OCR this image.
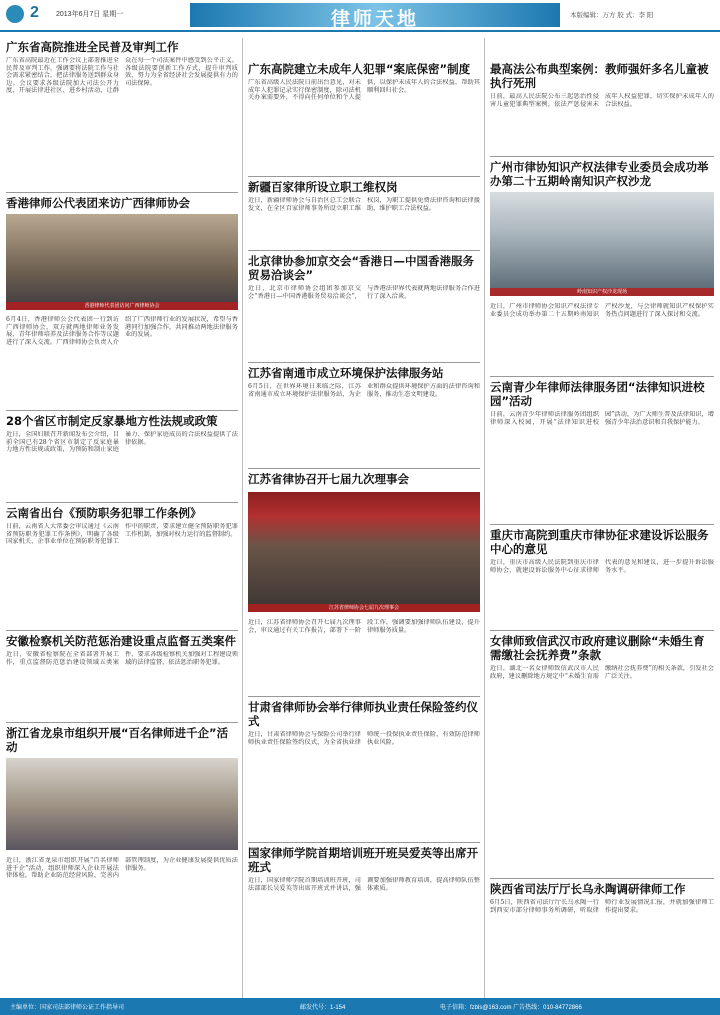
2 2013年6月7日 星期一	律师天地	本版编辑：万方 胶 式：李 阳
广东省高院推进全民普及审判工作
广东省高院最近在工作会议上部署推进全民普及审判工作，强调要将法院工作与社会需求紧密结合，把法律服务送到群众身边。会议要求各级法院加大司法公开力度，开展法律进社区、进乡村活动，让群众在每一个司法案件中感受到公平正义。各级法院要创新工作方式，提升审判质效，努力为全省经济社会发展提供有力的司法保障。
香港律师公代表团来访广西律师协会
香港律师代表团访问广西律师协会
6月4日，香港律师公会代表团一行到访广西律师协会，双方就两地律师业务发展、青年律师培养及法律服务合作等议题进行了深入交流。广西律师协会负责人介绍了广西律师行业的发展状况，希望与香港同行加强合作，共同推动两地法律服务业的发展。
28个省区市制定反家暴地方性法规或政策
近日，全国妇联召开新闻发布会介绍，目前全国已有28个省区市制定了反家庭暴力地方性法规或政策，为预防和制止家庭暴力、保护家庭成员的合法权益提供了法律依据。
云南省出台《预防职务犯罪工作条例》
日前，云南省人大常委会审议通过《云南省预防职务犯罪工作条例》，明确了各级国家机关、企事业单位在预防职务犯罪工作中的职责，要求建立健全预防职务犯罪工作机制，加强对权力运行的监督制约。
安徽检察机关防范惩治建设重点监督五类案件
近日，安徽省检察院在全省部署开展工作，重点监督防范惩治建设领域五类案件，要求各级检察机关加强对工程建设领域的法律监督，依法惩治职务犯罪。
浙江省龙泉市组织开展“百名律师进千企”活动
近日，浙江省龙泉市组织开展“百名律师进千企”活动，组织律师深入企业开展法律体检，帮助企业防范经营风险，完善内部管理制度，为企业健康发展提供优质法律服务。
广东高院建立未成年人犯罪“案底保密”制度
广东省高级人民法院日前出台意见，对未成年人犯罪记录实行保密制度，除司法机关办案需要外，不得向任何单位和个人提供，以保护未成年人的合法权益，帮助其顺利回归社会。
新疆百家律所设立职工维权岗
近日，新疆律师协会与自治区总工会联合发文，在全区百家律师事务所设立职工维权岗，为职工提供免费法律咨询和法律援助，维护职工合法权益。
北京律协参加京交会“香港日—中国香港服务贸易洽谈会”
近日，北京市律师协会组团参加京交会“香港日—中国香港服务贸易洽谈会”，与香港法律界代表就两地法律服务合作进行了深入洽谈。
江苏省南通市成立环境保护法律服务站
6月5日，在世界环境日来临之际，江苏省南通市成立环境保护法律服务站，为企业和群众提供环境保护方面的法律咨询和服务，推动生态文明建设。
江苏省律协召开七届九次理事会
江苏省律师协会七届九次理事会
近日，江苏省律师协会召开七届九次理事会，审议通过有关工作报告，部署下一阶段工作，强调要加强律师队伍建设，提升律师服务质量。
甘肃省律师协会举行律师执业责任保险签约仪式
近日，甘肃省律师协会与保险公司举行律师执业责任保险签约仪式，为全省执业律师统一投保执业责任保险，有效防范律师执业风险。
国家律师学院首期培训班开班吴爱英等出席开班式
近日，国家律师学院首期培训班开班，司法部部长吴爱英等出席开班式并讲话，强调要加强律师教育培训，提高律师队伍整体素质。
最高法公布典型案例：教师强奸多名儿童被执行死刑
日前，最高人民法院公布三起惩治性侵害儿童犯罪典型案例，依法严惩侵害未成年人权益犯罪，切实保护未成年人的合法权益。
广州市律协知识产权法律专业委员会成功举办第二十五期岭南知识产权沙龙
岭南知识产权沙龙现场
近日，广州市律师协会知识产权法律专业委员会成功举办第二十五期岭南知识产权沙龙，与会律师就知识产权保护实务热点问题进行了深入探讨和交流。
云南青少年律师法律服务团“法律知识进校园”活动
日前，云南青少年律师法律服务团组织律师深入校园，开展“法律知识进校园”活动，为广大师生普及法律知识，增强青少年法治意识和自我保护能力。
重庆市高院到重庆市律协征求建设诉讼服务中心的意见
近日，重庆市高级人民法院到重庆市律师协会，就建设诉讼服务中心征求律师代表的意见和建议，进一步提升诉讼服务水平。
女律师致信武汉市政府建议删除“未婚生育需缴社会抚养费”条款
近日，湖北一名女律师致信武汉市人民政府，建议删除地方规定中“未婚生育需缴纳社会抚养费”的相关条款，引发社会广泛关注。
陕西省司法厅厅长乌永陶调研律师工作
6月5日，陕西省司法厅厅长乌永陶一行到西安市部分律师事务所调研，听取律师行业发展情况汇报，并就加强律师工作提出要求。
主编单位：国家司法部律师公证工作指导司	邮发代号：1-154	电子信箱：fzbls@163.com 广告热线：010-84772866
